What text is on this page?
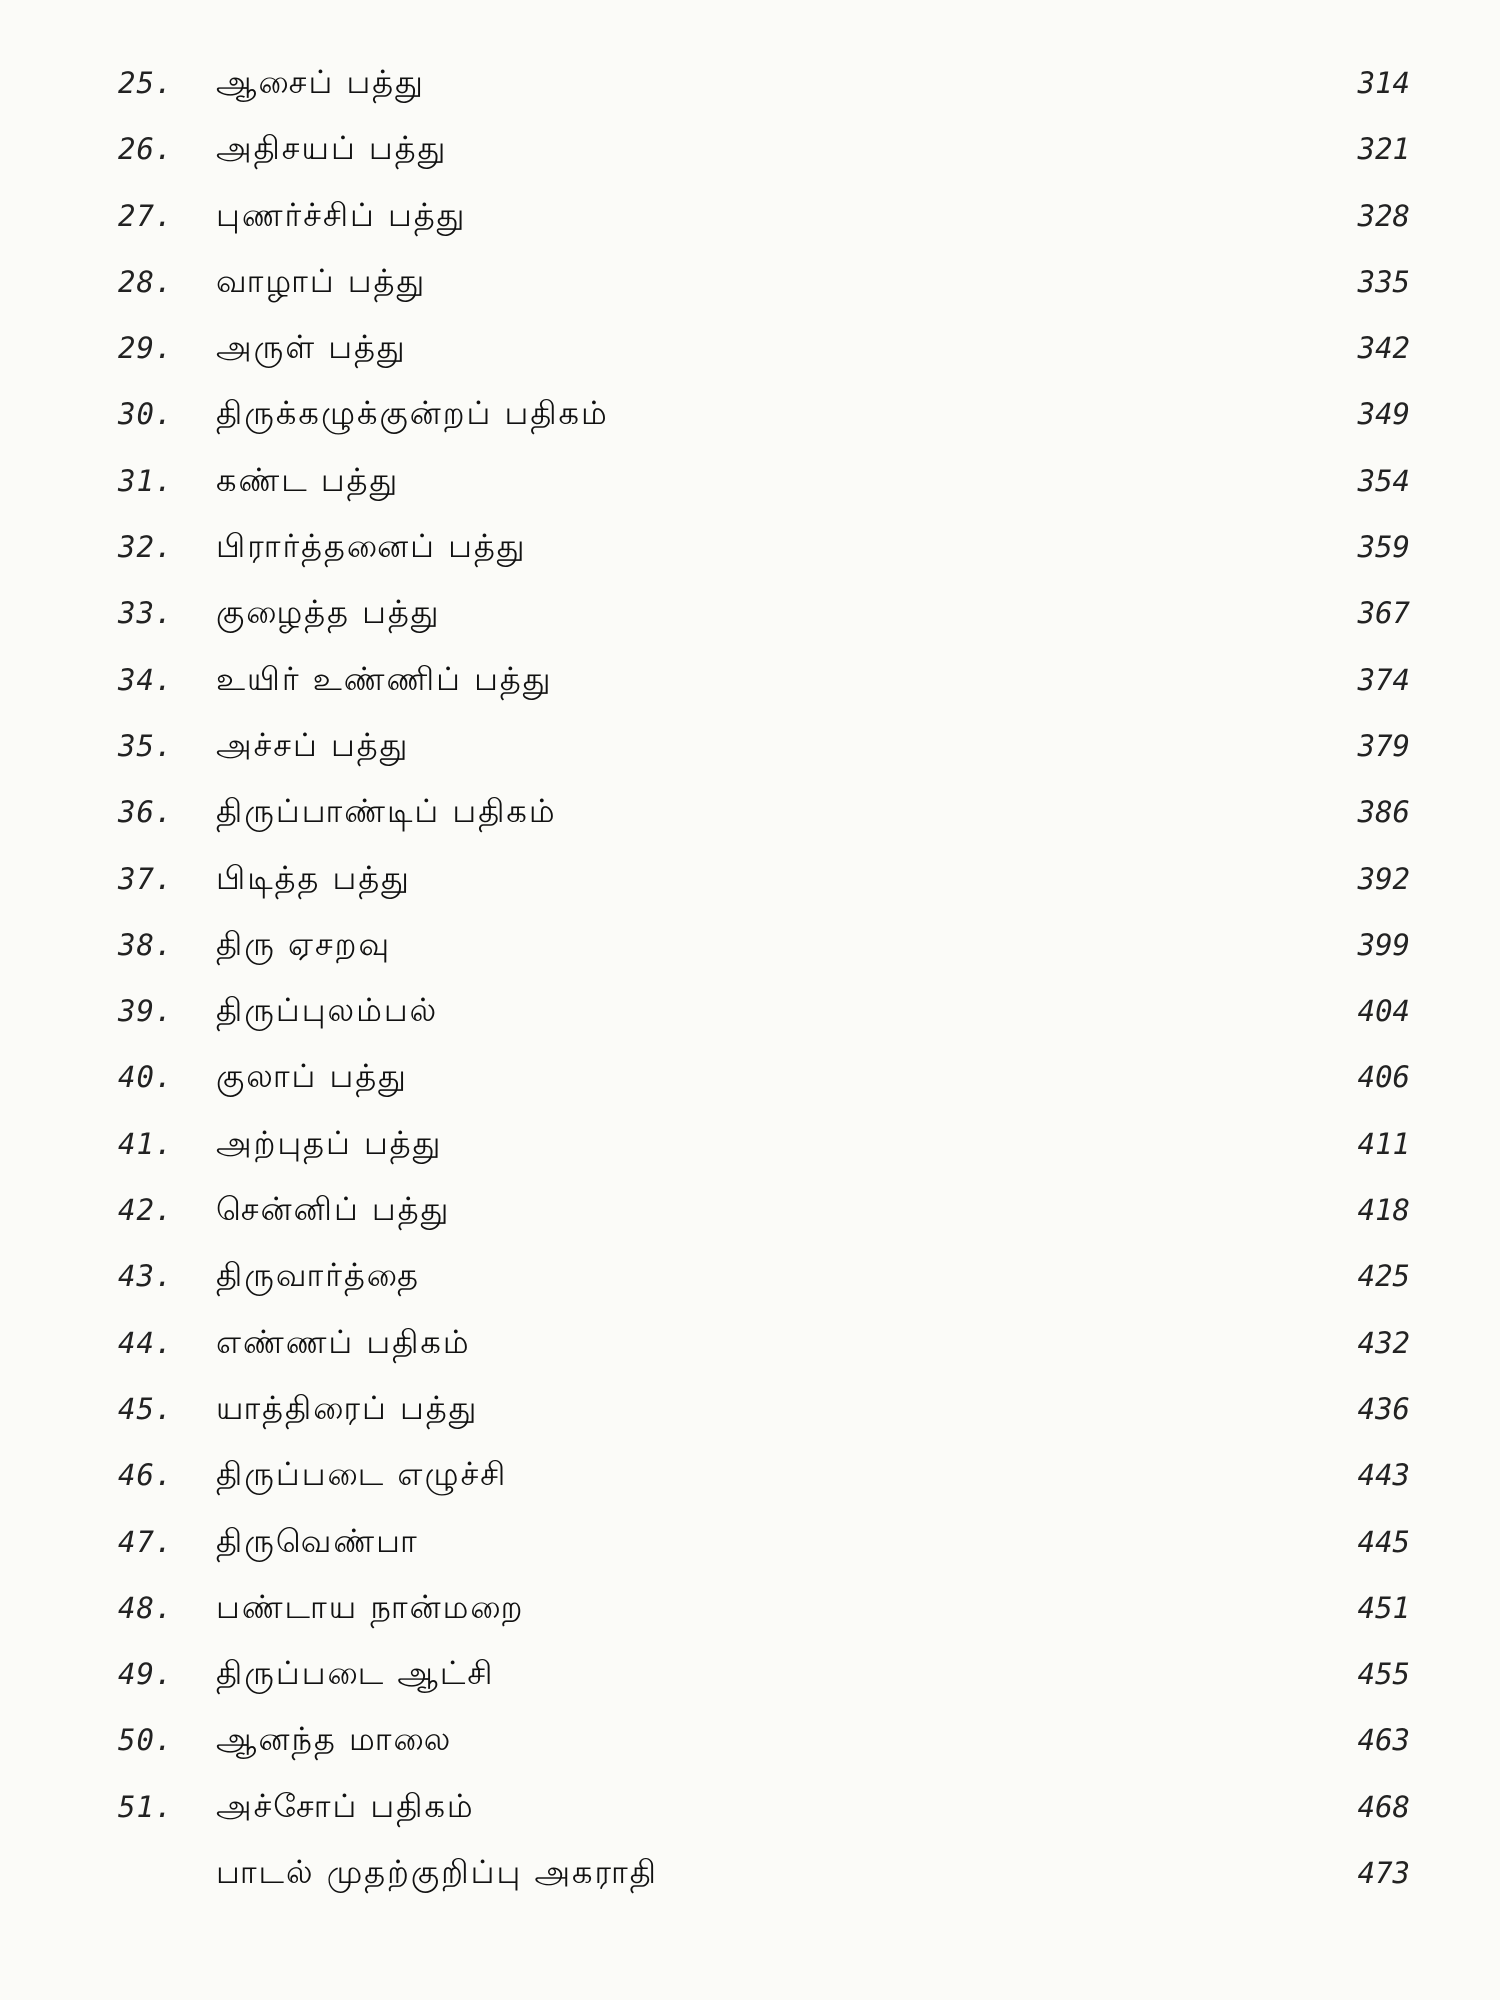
25.	ஆசைப் பத்து	314
26.	அதிசயப் பத்து	321
27.	புணர்ச்சிப் பத்து	328
28.	வாழாப் பத்து	335
29.	அருள் பத்து	342
30.	திருக்கழுக்குன்றப் பதிகம்	349
31.	கண்ட பத்து	354
32.	பிரார்த்தனைப் பத்து	359
33.	குழைத்த பத்து	367
34.	உயிர் உண்ணிப் பத்து	374
35.	அச்சப் பத்து	379
36.	திருப்பாண்டிப் பதிகம்	386
37.	பிடித்த பத்து	392
38.	திரு ஏசறவு	399
39.	திருப்புலம்பல்	404
40.	குலாப் பத்து	406
41.	அற்புதப் பத்து	411
42.	சென்னிப் பத்து	418
43.	திருவார்த்தை	425
44.	எண்ணப் பதிகம்	432
45.	யாத்திரைப் பத்து	436
46.	திருப்படை எழுச்சி	443
47.	திருவெண்பா	445
48.	பண்டாய நான்மறை	451
49.	திருப்படை ஆட்சி	455
50.	ஆனந்த மாலை	463
51.	அச்சோப் பதிகம்	468
பாடல் முதற்குறிப்பு அகராதி	473
